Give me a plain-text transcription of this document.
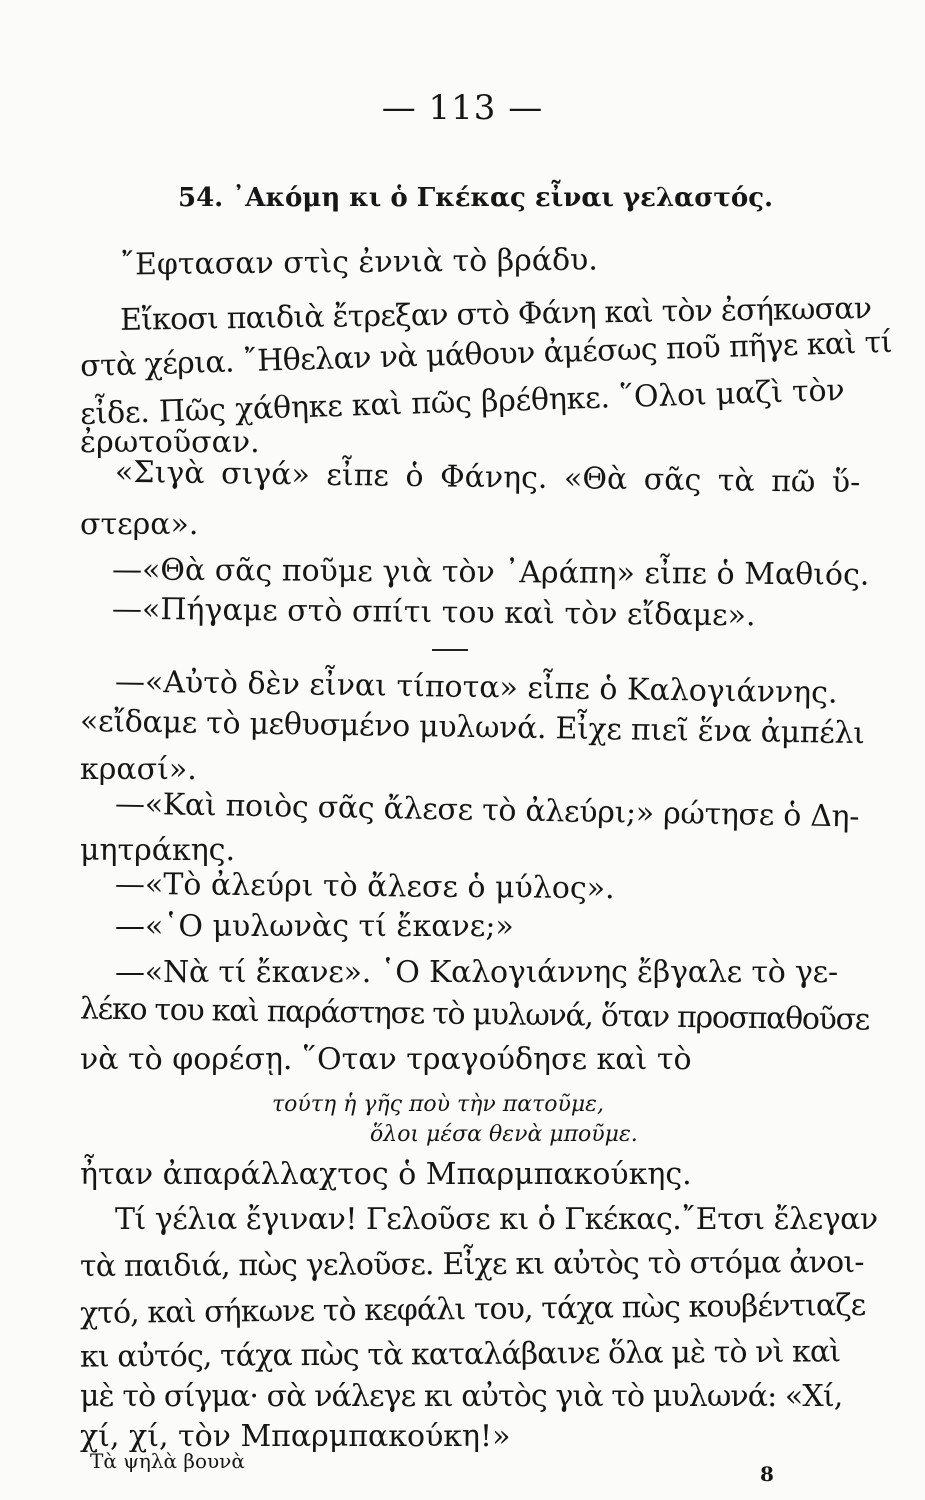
— 113 —
54. ᾿Ακόμη κι ὁ Γκέκας εἶναι γελαστός.
῎Εφτασαν στὶς ἐννιὰ τὸ βράδυ.
Εἴκοσι παιδιὰ ἔτρεξαν στὸ Φάνη καὶ τὸν ἐσήκωσαν
στὰ χέρια. ῎Ηθελαν νὰ μάθουν ἀμέσως ποῦ πῆγε καὶ τί
εἶδε. Πῶς χάθηκε καὶ πῶς βρέθηκε. ῞Ολοι μαζὶ τὸν
ἐρωτοῦσαν.
«Σιγὰ σιγά» εἶπε ὁ Φάνης. «Θὰ σᾶς τὰ πῶ ὕ-
στερα».
—«Θὰ σᾶς ποῦμε γιὰ τὸν ᾿Αράπη» εἶπε ὁ Μαθιός.
—«Πήγαμε στὸ σπίτι του καὶ τὸν εἴδαμε».
—«Αὐτὸ δὲν εἶναι τίποτα» εἶπε ὁ Καλογιάννης.
«εἴδαμε τὸ μεθυσμένο μυλωνά. Εἶχε πιεῖ ἕνα ἀμπέλι
κρασί».
—«Καὶ ποιὸς σᾶς ἄλεσε τὸ ἀλεύρι;» ρώτησε ὁ Δη-
μητράκης.
—«Τὸ ἀλεύρι τὸ ἄλεσε ὁ μύλος».
—«῾Ο μυλωνὰς τί ἔκανε;»
—«Νὰ τί ἔκανε». ῾Ο Καλογιάννης ἔβγαλε τὸ γε-
λέκο του καὶ παράστησε τὸ μυλωνά, ὅταν προσπαθοῦσε
νὰ τὸ φορέσῃ. ῞Οταν τραγούδησε καὶ τὸ
τούτη ἡ γῆς ποὺ τὴν πατοῦμε,
ὅλοι μέσα θενὰ μποῦμε.
ἦταν ἀπαράλλαχτος ὁ Μπαρμπακούκης.
Τί γέλια ἔγιναν! Γελοῦσε κι ὁ Γκέκας.῎Ετσι ἔλεγαν
τὰ παιδιά, πὼς γελοῦσε. Εἶχε κι αὐτὸς τὸ στόμα ἀνοι-
χτό, καὶ σήκωνε τὸ κεφάλι του, τάχα πὼς κουβέντιαζε
κι αὐτός, τάχα πὼς τὰ καταλάβαινε ὅλα μὲ τὸ νὶ καὶ
μὲ τὸ σίγμα· σὰ νάλεγε κι αὐτὸς γιὰ τὸ μυλωνά: «Χί,
χί, χί, τὸν Μπαρμπακούκη!»
Τὰ ψηλὰ βουνὰ
8
